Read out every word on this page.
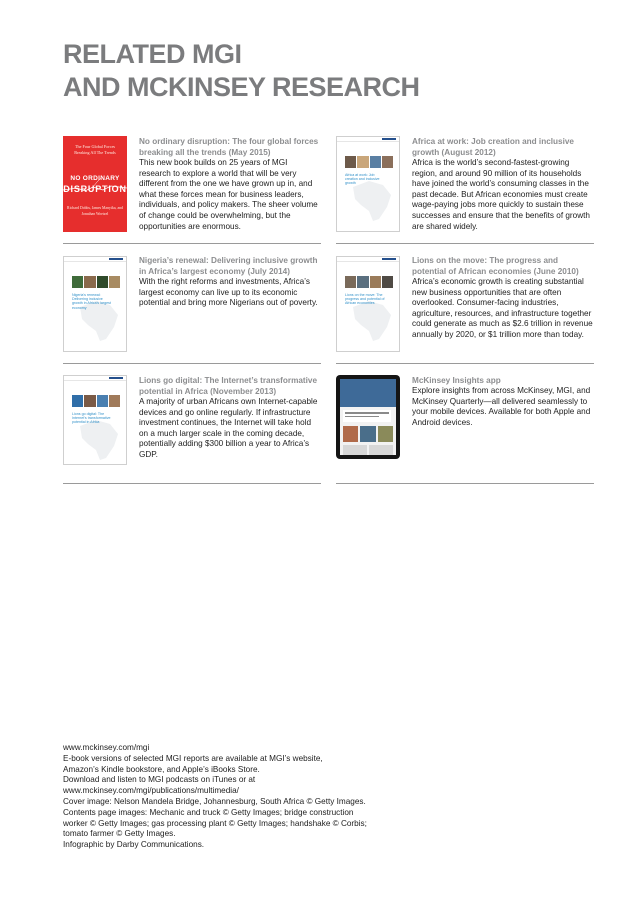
RELATED MGI
AND MCKINSEY RESEARCH
The Four Global Forces Breaking All The Trends
NO ORDINARY
DISRUPTION
Richard Dobbs, James Manyika, and Jonathan Woetzel
No ordinary disruption: The four global forces breaking all the trends (May 2015)
This new book builds on 25 years of MGI research to explore a world that will be very different from the one we have grown up in, and what these forces mean for business leaders, individuals, and policy makers. The sheer volume of change could be overwhelming, but the opportunities are enormous.
Africa at work: Job creation and inclusive growth
Africa at work: Job creation and inclusive growth (August 2012)
Africa is the world’s second-fastest-growing region, and around 90 million of its households have joined the world’s consuming classes in the past decade. But African economies must create wage-paying jobs more quickly to sustain these successes and ensure that the benefits of growth are shared widely.
Nigeria’s renewal: Delivering inclusive growth in Africa’s largest economy
Nigeria’s renewal: Delivering inclusive growth in Africa’s largest economy (July 2014)
With the right reforms and investments, Africa’s largest economy can live up to its economic potential and bring more Nigerians out of poverty.
Lions on the move: The progress and potential of African economies
Lions on the move: The progress and potential of African economies (June 2010)
Africa’s economic growth is creating substantial new business opportunities that are often overlooked. Consumer-facing industries, agriculture, resources, and infrastructure together could generate as much as $2.6 trillion in revenue annually by 2020, or $1 trillion more than today.
Lions go digital: The Internet’s transformative potential in Africa
Lions go digital: The Internet’s transformative potential in Africa (November 2013)
A majority of urban Africans own Internet-capable devices and go online regularly. If infrastructure investment continues, the Internet will take hold on a much larger scale in the coming decade, potentially adding $300 billion a year to Africa’s GDP.
McKinsey Insights app
Explore insights from across McKinsey, MGI, and McKinsey Quarterly—all delivered seamlessly to your mobile devices. Available for both Apple and Android devices.
www.mckinsey.com/mgi
E-book versions of selected MGI reports are available at MGI’s website,
Amazon’s Kindle bookstore, and Apple’s iBooks Store.
Download and listen to MGI podcasts on iTunes or at
www.mckinsey.com/mgi/publications/multimedia/
Cover image: Nelson Mandela Bridge, Johannesburg, South Africa © Getty Images.
Contents page images: Mechanic and truck © Getty Images; bridge construction
worker © Getty Images; gas processing plant © Getty Images; handshake © Corbis;
tomato farmer © Getty Images.
Infographic by Darby Communications.
